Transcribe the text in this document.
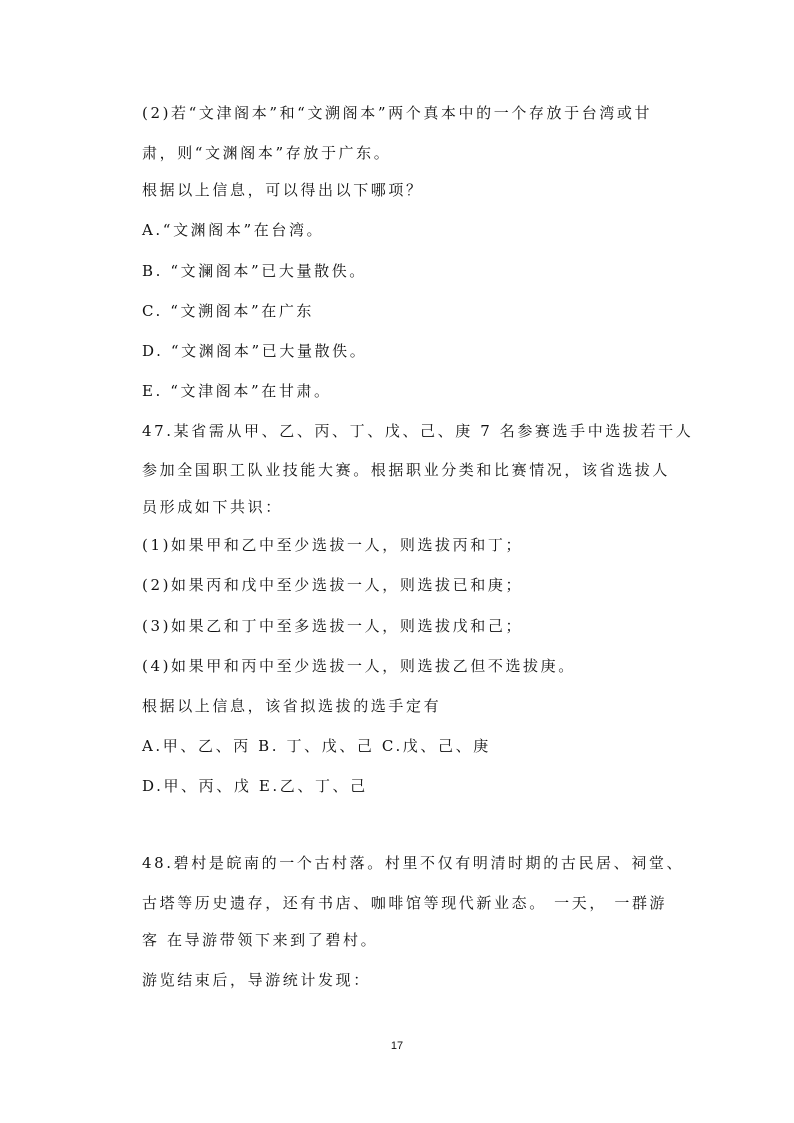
(2)若“文津阁本”和“文溯阁本”两个真本中的一个存放于台湾或甘
肃，则“文渊阁本”存放于广东。
根据以上信息，可以得出以下哪项？
A.“文渊阁本”在台湾。
B. “文澜阁本”已大量散佚。
C. “文溯阁本”在广东
D. “文渊阁本”已大量散佚。
E. “文津阁本”在甘肃。
47.某省需从甲、乙、丙、丁、戊、己、庚 7 名参赛选手中选拔若干人
参加全国职工队业技能大赛。根据职业分类和比赛情况，该省选拔人
员形成如下共识：
(1)如果甲和乙中至少选拔一人，则选拔丙和丁；
(2)如果丙和戊中至少选拔一人，则选拔已和庚；
(3)如果乙和丁中至多选拔一人，则选拔戊和己；
(4)如果甲和丙中至少选拔一人，则选拔乙但不选拔庚。
根据以上信息，该省拟选拔的选手定有
A.甲、乙、丙 B. 丁、戊、己 C.戊、己、庚
D.甲、丙、戊 E.乙、丁、己
48.碧村是皖南的一个古村落。村里不仅有明清时期的古民居、祠堂、
古塔等历史遗存，还有书店、咖啡馆等现代新业态。 一天， 一群游
客 在导游带领下来到了碧村。
游览结束后，导游统计发现：
17
